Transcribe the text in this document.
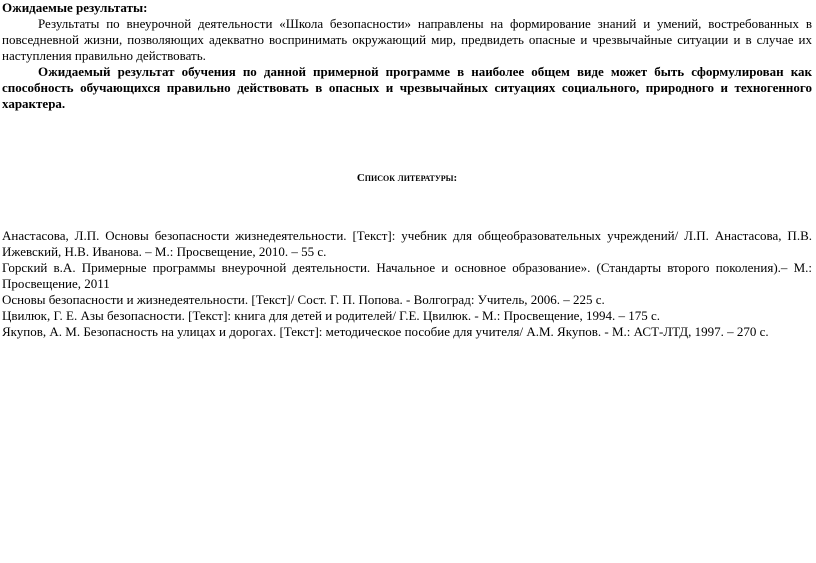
Ожидаемые результаты:

Результаты по внеурочной деятельности «Школа безопасности» направлены на формирование знаний и умений, востребованных в повседневной жизни, позволяющих адекватно воспринимать окружающий мир, предвидеть опасные и чрезвычайные ситуации и в случае их наступления правильно действовать.

Ожидаемый результат обучения по данной примерной программе в наиболее общем виде может быть сформулирован как способность обучающихся правильно действовать в опасных и чрезвычайных ситуациях социального, природного и техногенного характера.

Список литературы:

Анастасова, Л.П. Основы безопасности жизнедеятельности. [Текст]: учебник для общеобразовательных учреждений/ Л.П. Анастасова, П.В. Ижевский, Н.В. Иванова. – М.: Просвещение, 2010. – 55 с.
Горский в.А. Примерные программы внеурочной деятельности. Начальное и основное образование». (Стандарты второго поколения).– М.: Просвещение, 2011
Основы безопасности и жизнедеятельности. [Текст]/ Сост. Г. П. Попова. - Волгоград: Учитель, 2006. – 225 с.
Цвилюк, Г. Е. Азы безопасности. [Текст]: книга для детей и родителей/ Г.Е. Цвилюк. - М.: Просвещение, 1994. – 175 с.
Якупов, А. М. Безопасность на улицах и дорогах. [Текст]: методическое пособие для учителя/ А.М. Якупов. - М.: АСТ-ЛТД, 1997. – 270 с.
